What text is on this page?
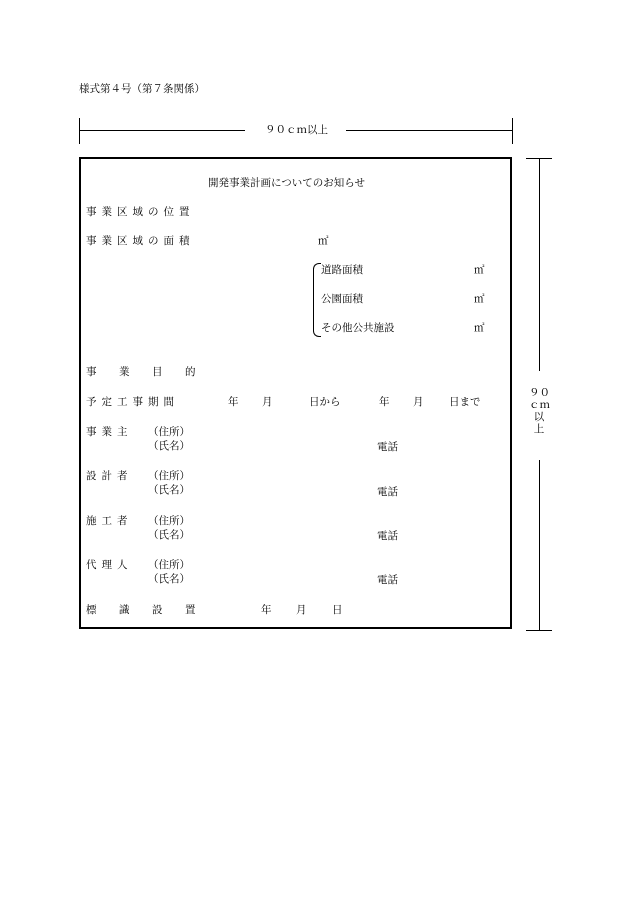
様式第４号（第７条関係）
９０ｃｍ以上
９０
ｃｍ
以
上
開発事業計画についてのお知らせ
事業区域の位置
事業区域の面積	㎡
道路面積	㎡
公園面積	㎡
その他公共施設	㎡
事　業　目　的
予定工事期間	年 月	日から	年 月 日まで
事業主 （住所）
（氏名）	電話
設計者 （住所）
（氏名）	電話
施工者 （住所）
（氏名）	電話
代理人 （住所）
（氏名）	電話
標　識　設　置	年 月 日
